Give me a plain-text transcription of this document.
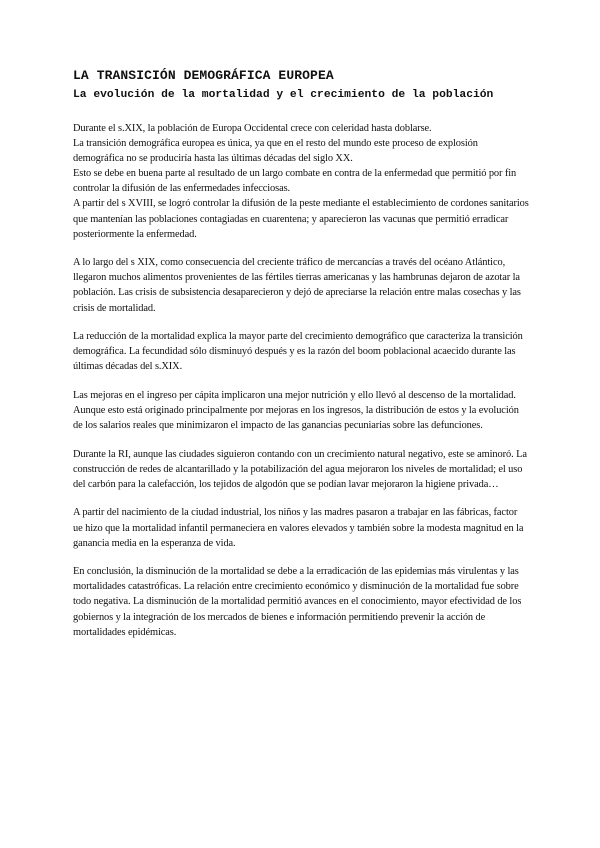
LA TRANSICIÓN DEMOGRÁFICA EUROPEA
La evolución de la mortalidad y el crecimiento de la población

Durante el s.XIX, la población de Europa Occidental crece con celeridad hasta doblarse.
La transición demográfica europea es única, ya que en el resto del mundo este proceso de explosión demográfica no se produciría hasta las últimas décadas del siglo XX.
Esto se debe en buena parte al resultado de un largo combate en contra de la enfermedad que permitió por fin controlar la difusión de las enfermedades infecciosas.
A partir del s XVIII, se logró controlar la difusión de la peste mediante el establecimiento de cordones sanitarios que mantenían las poblaciones contagiadas en cuarentena; y aparecieron las vacunas que permitió erradicar posteriormente la enfermedad.

A lo largo del s XIX, como consecuencia del creciente tráfico de mercancías a través del océano Atlántico, llegaron muchos alimentos provenientes de las fértiles tierras americanas y las hambrunas dejaron de azotar la población. Las crisis de subsistencia desaparecieron y dejó de apreciarse la relación entre malas cosechas y las crisis de mortalidad.

La reducción de la mortalidad explica la mayor parte del crecimiento demográfico que caracteriza la transición demográfica. La fecundidad sólo disminuyó después y es la razón del boom poblacional acaecido durante las últimas décadas del s.XIX.

Las mejoras en el ingreso per cápita implicaron una mejor nutrición y ello llevó al descenso de la mortalidad. Aunque esto está originado principalmente por mejoras en los ingresos, la distribución de estos y la evolución de los salarios reales que minimizaron el impacto de las ganancias pecuniarias sobre las defunciones.

Durante la RI, aunque las ciudades siguieron contando con un crecimiento natural negativo, este se aminoró. La construcción de redes de alcantarillado y la potabilización del agua mejoraron los niveles de mortalidad; el uso del carbón para la calefacción, los tejidos de algodón que se podían lavar mejoraron la higiene privada…

A partir del nacimiento de la ciudad industrial, los niños y las madres pasaron a trabajar en las fábricas, factor ue hizo que la mortalidad infantil permaneciera en valores elevados y también sobre la modesta magnitud en la ganancia media en la esperanza de vida.

En conclusión, la disminución de la mortalidad se debe a la erradicación de las epidemias más virulentas y las mortalidades catastróficas. La relación entre crecimiento económico y disminución de la mortalidad fue sobre todo negativa. La disminución de la mortalidad permitió avances en el conocimiento, mayor efectividad de los gobiernos y la integración de los mercados de bienes e información permitiendo prevenir la acción de mortalidades epidémicas.
